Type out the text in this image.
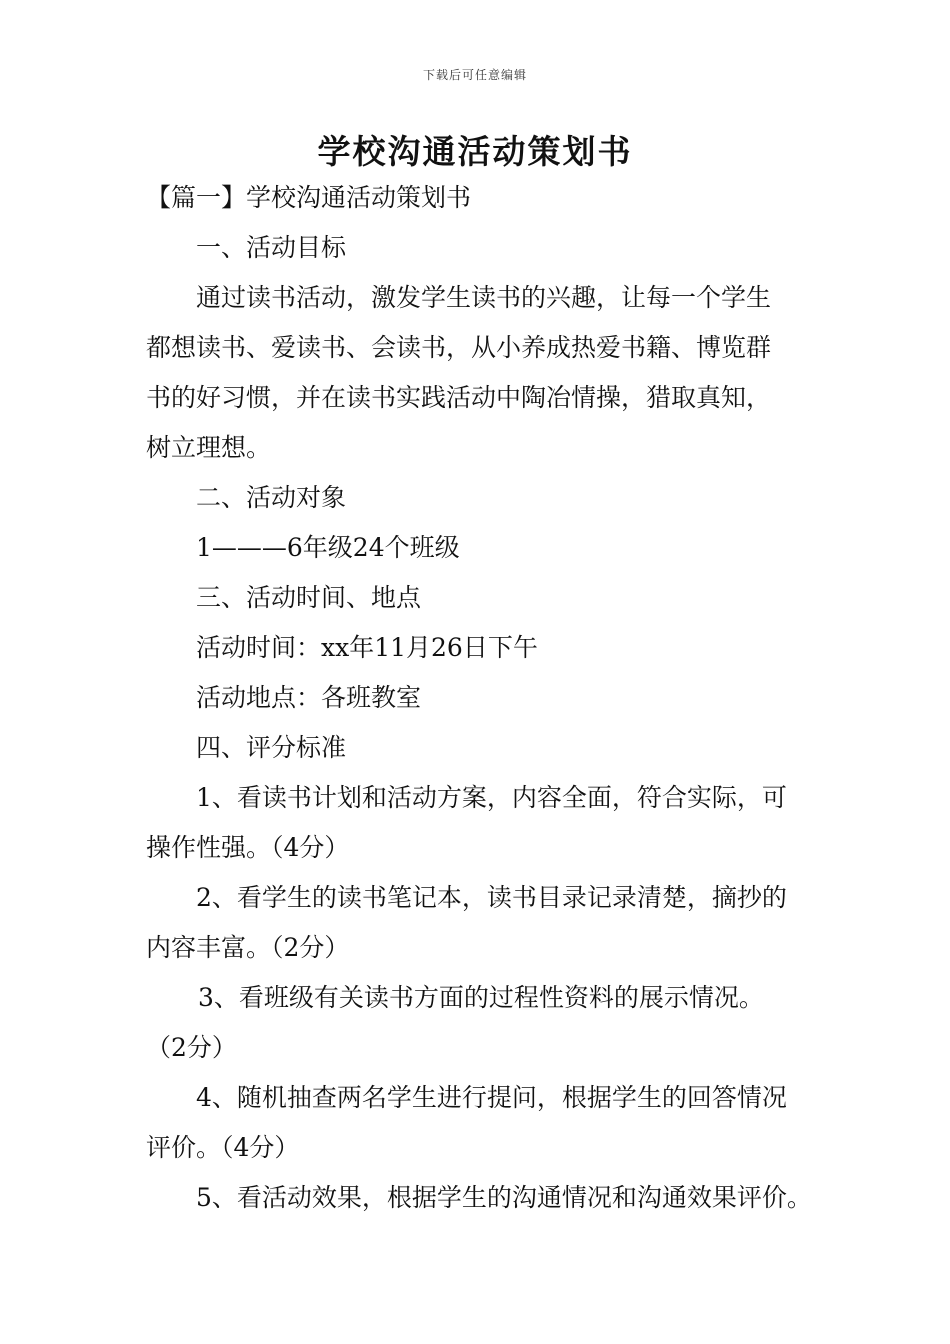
下载后可任意编辑
学校沟通活动策划书
【篇一】学校沟通活动策划书
一、活动目标
通过读书活动，激发学生读书的兴趣，让每一个学生
都想读书、爱读书、会读书，从小养成热爱书籍、博览群
书的好习惯，并在读书实践活动中陶冶情操，猎取真知，
树立理想。
二、活动对象
1———6年级24个班级
三、活动时间、地点
活动时间：xx年11月26日下午
活动地点：各班教室
四、评分标准
1、看读书计划和活动方案，内容全面，符合实际，可
操作性强。（4分）
2、看学生的读书笔记本，读书目录记录清楚，摘抄的
内容丰富。（2分）
3、看班级有关读书方面的过程性资料的展示情况。
（2分）
4、随机抽查两名学生进行提问，根据学生的回答情况
评价。（4分）
5、看活动效果，根据学生的沟通情况和沟通效果评价。
